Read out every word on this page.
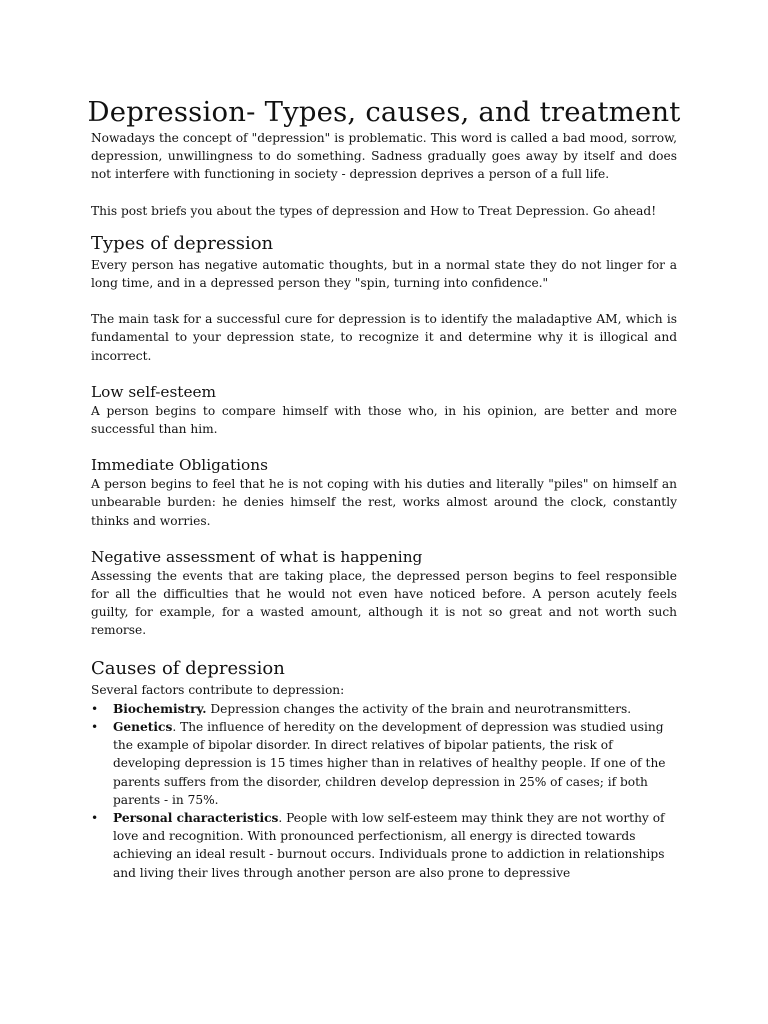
Depression- Types, causes, and treatment

Nowadays the concept of "depression" is problematic. This word is called a bad mood, sorrow, depression, unwillingness to do something. Sadness gradually goes away by itself and does not interfere with functioning in society - depression deprives a person of a full life.

This post briefs you about the types of depression and How to Treat Depression. Go ahead!

Types of depression

Every person has negative automatic thoughts, but in a normal state they do not linger for a long time, and in a depressed person they "spin, turning into confidence."

The main task for a successful cure for depression is to identify the maladaptive AM, which is fundamental to your depression state, to recognize it and determine why it is illogical and incorrect.

Low self-esteem

A person begins to compare himself with those who, in his opinion, are better and more successful than him.

Immediate Obligations

A person begins to feel that he is not coping with his duties and literally "piles" on himself an unbearable burden: he denies himself the rest, works almost around the clock, constantly thinks and worries.

Negative assessment of what is happening

Assessing the events that are taking place, the depressed person begins to feel responsible for all the difficulties that he would not even have noticed before. A person acutely feels guilty, for example, for a wasted amount, although it is not so great and not worth such remorse.

Causes of depression

Several factors contribute to depression:

•	Biochemistry. Depression changes the activity of the brain and neurotransmitters.
•	Genetics. The influence of heredity on the development of depression was studied using the example of bipolar disorder. In direct relatives of bipolar patients, the risk of developing depression is 15 times higher than in relatives of healthy people. If one of the parents suffers from the disorder, children develop depression in 25% of cases; if both parents - in 75%.
•	Personal characteristics. People with low self-esteem may think they are not worthy of love and recognition. With pronounced perfectionism, all energy is directed towards achieving an ideal result - burnout occurs. Individuals prone to addiction in relationships and living their lives through another person are also prone to depressive
